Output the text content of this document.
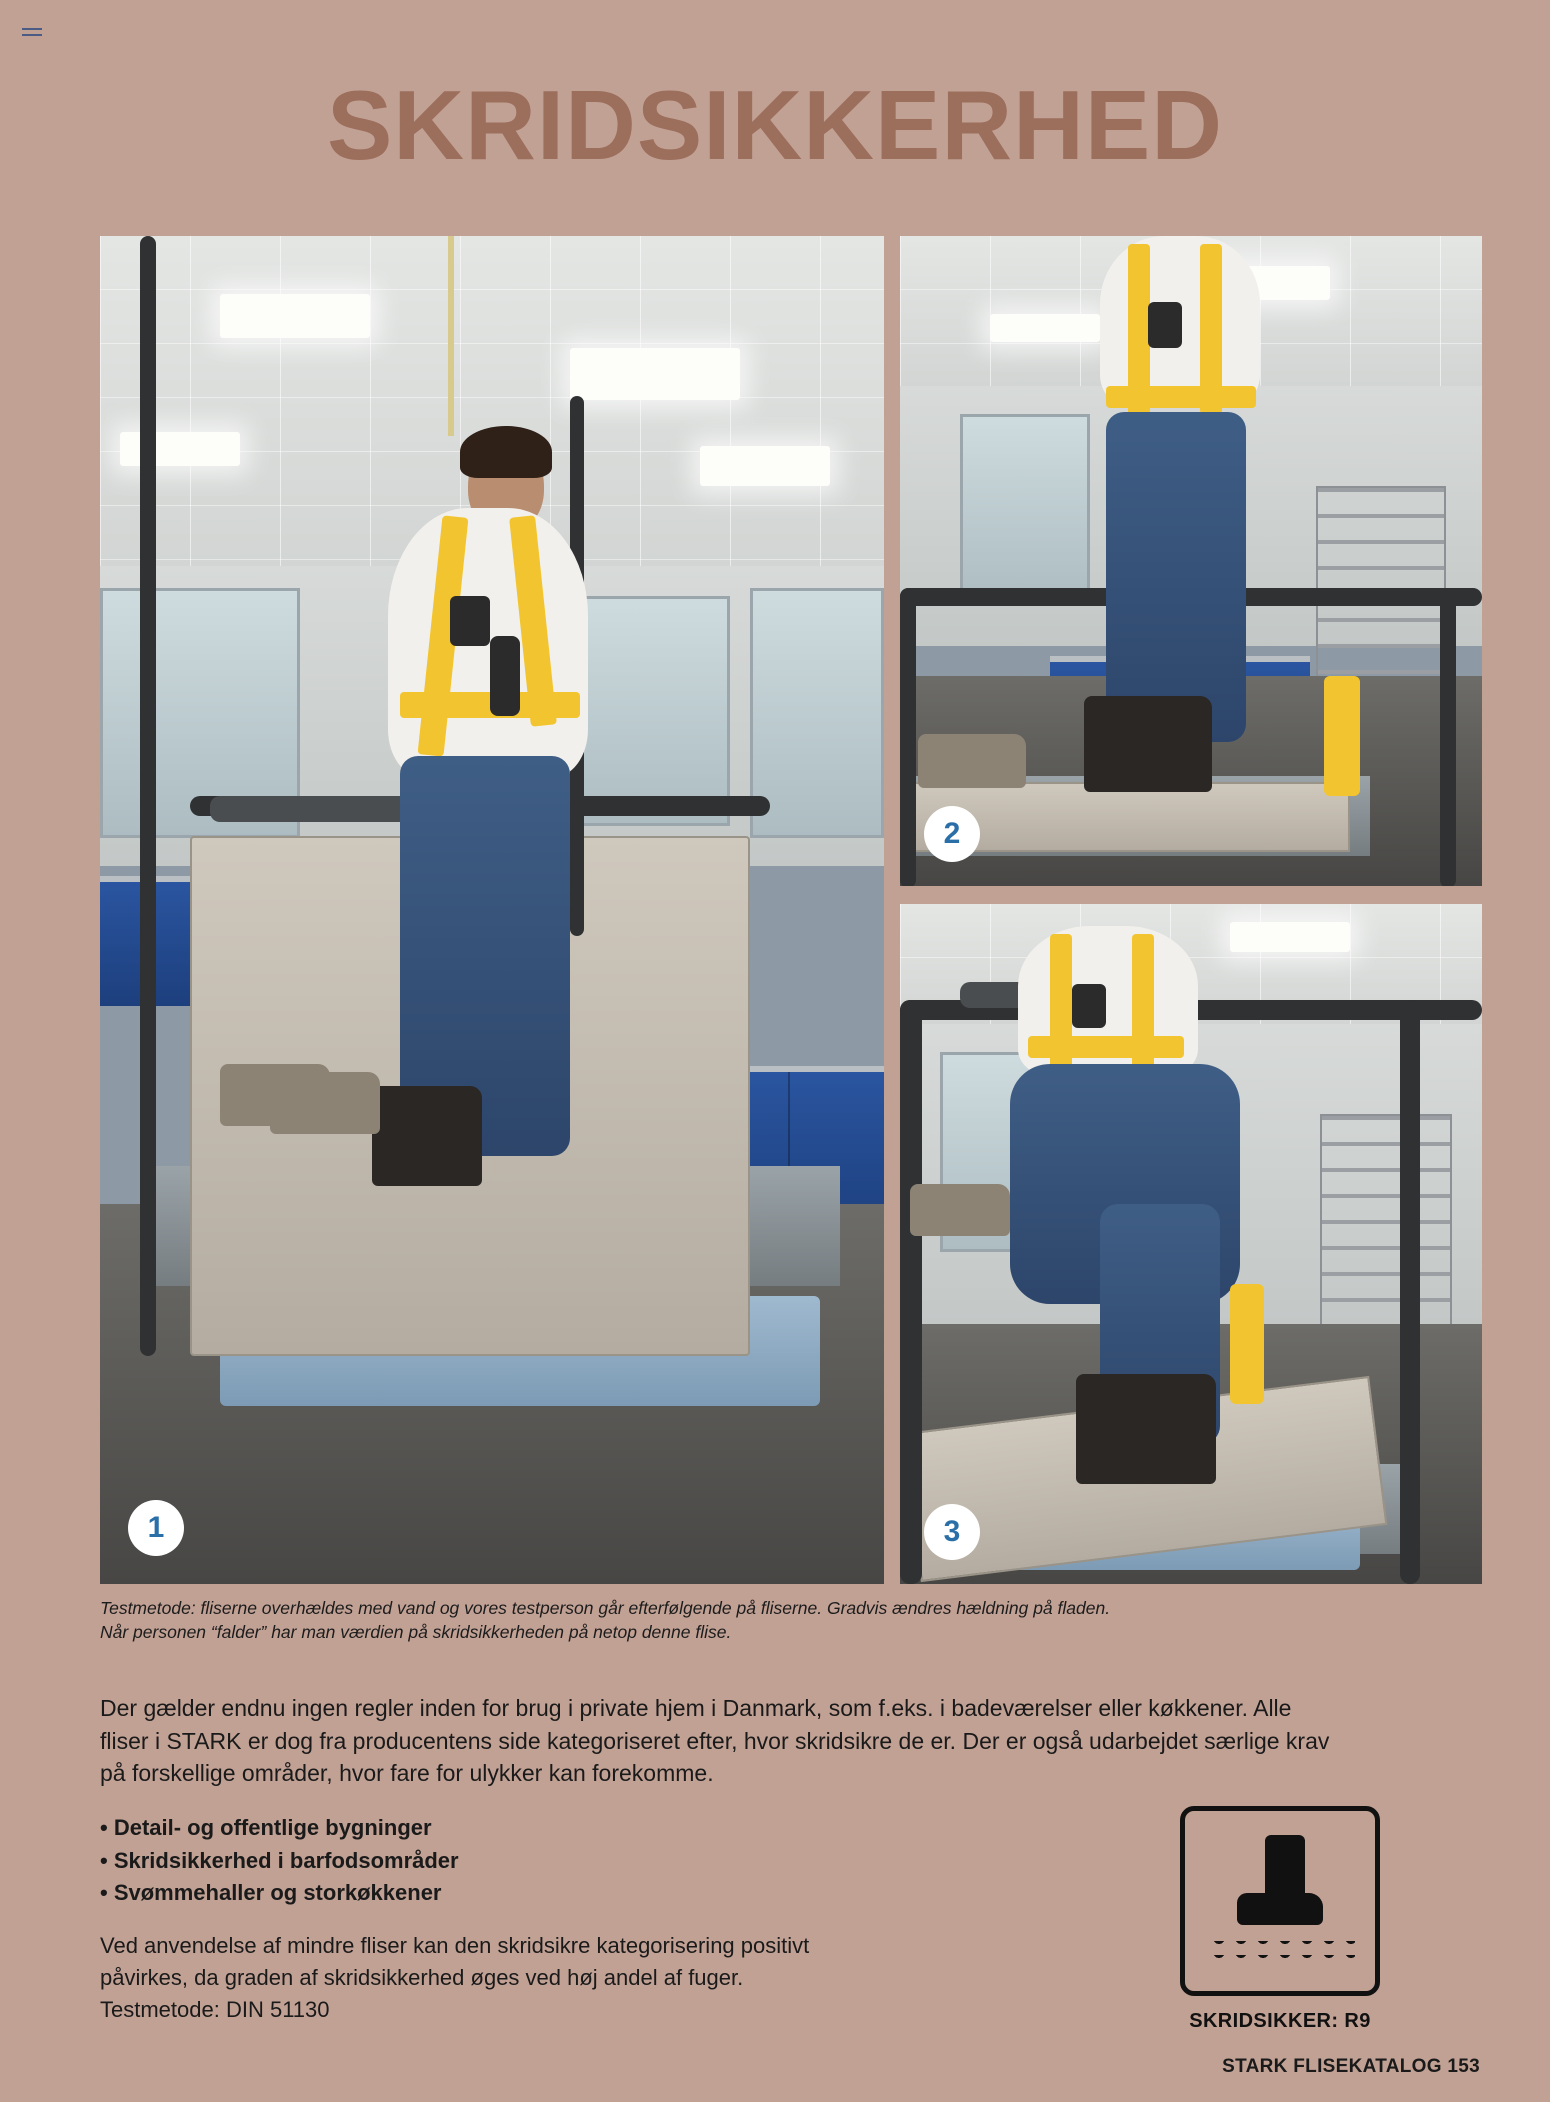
SKRIDSIKKERHED
1
2
3
Testmetode: fliserne overhældes med vand og vores testperson går efterfølgende på fliserne. Gradvis ændres hældning på fladen.
Når personen “falder” har man værdien på skridsikkerheden på netop denne flise.
Der gælder endnu ingen regler inden for brug i private hjem i Danmark, som f.eks. i badeværelser eller køkkener. Alle fliser i STARK er dog fra producentens side kategoriseret efter, hvor skridsikre de er. Der er også udarbejdet særlige krav på forskellige områder, hvor fare for ulykker kan forekomme.
• Detail- og offentlige bygninger
• Skridsikkerhed i barfodsområder
• Svømmehaller og storkøkkener
Ved anvendelse af mindre fliser kan den skridsikre kategorisering positivt
påvirkes, da graden af skridsikkerhed øges ved høj andel af fuger.
Testmetode: DIN 51130	SKRIDSIKKER: R9
STARK FLISEKATALOG 153
